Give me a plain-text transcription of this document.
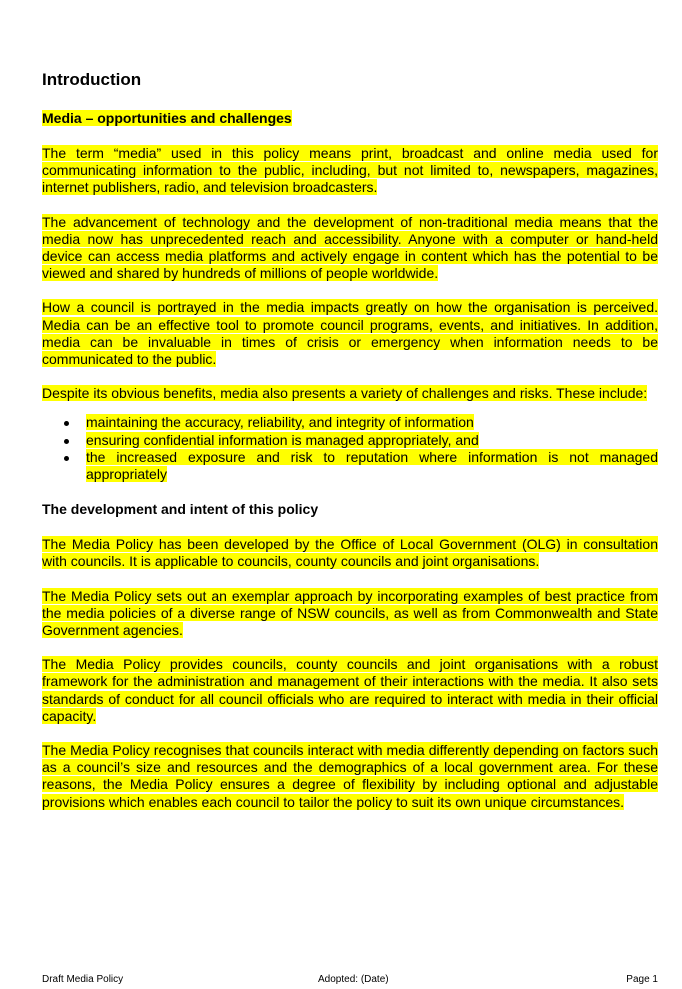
Introduction
Media – opportunities and challenges

The term “media” used in this policy means print, broadcast and online media used for communicating information to the public, including, but not limited to, newspapers, magazines, internet publishers, radio, and television broadcasters.

The advancement of technology and the development of non-traditional media means that the media now has unprecedented reach and accessibility. Anyone with a computer or hand-held device can access media platforms and actively engage in content which has the potential to be viewed and shared by hundreds of millions of people worldwide.

How a council is portrayed in the media impacts greatly on how the organisation is perceived. Media can be an effective tool to promote council programs, events, and initiatives. In addition, media can be invaluable in times of crisis or emergency when information needs to be communicated to the public.

Despite its obvious benefits, media also presents a variety of challenges and risks. These include:

maintaining the accuracy, reliability, and integrity of information
ensuring confidential information is managed appropriately, and
the increased exposure and risk to reputation where information is not managed appropriately
The development and intent of this policy

The Media Policy has been developed by the Office of Local Government (OLG) in consultation with councils. It is applicable to councils, county councils and joint organisations.

The Media Policy sets out an exemplar approach by incorporating examples of best practice from the media policies of a diverse range of NSW councils, as well as from Commonwealth and State Government agencies.

The Media Policy provides councils, county councils and joint organisations with a robust framework for the administration and management of their interactions with the media. It also sets standards of conduct for all council officials who are required to interact with media in their official capacity.

The Media Policy recognises that councils interact with media differently depending on factors such as a council’s size and resources and the demographics of a local government area. For these reasons, the Media Policy ensures a degree of flexibility by including optional and adjustable provisions which enables each council to tailor the policy to suit its own unique circumstances.

Draft Media Policy	Adopted: (Date)	Page 1
